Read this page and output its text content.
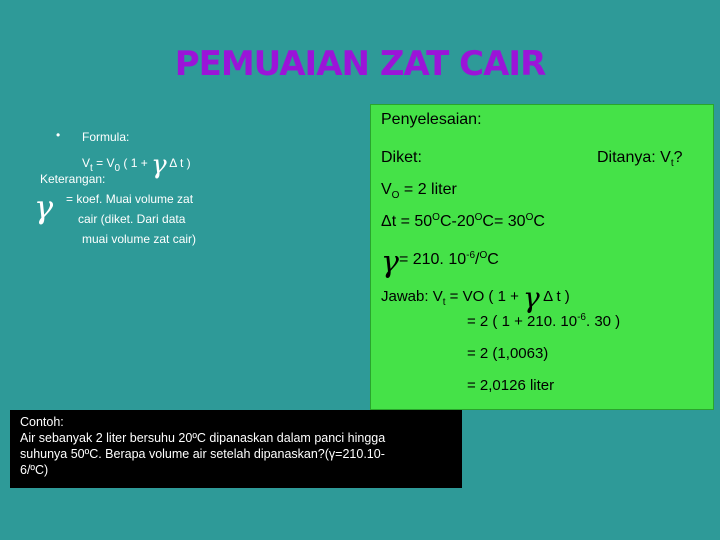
PEMUAIAN ZAT CAIR
• Formula:
$V_t = V_0$ ( 1 + γ Δ t )
Keterangan:
γ = koef. Muai volume zat
cair (diket. Dari data
muai volume zat cair)
Penyelesaian:
Diket:	Ditanya: $V_t$?
$V_O = 2$ liter
$\Delta t = 50^OC-20^OC= 30^OC$
γ= 210. $10^{-6}/^OC$
Jawab: $V_t$ = VO ( 1 + γ Δ t )
= 2 ( 1 + 210. $10^{-6}$. 30 )
= 2 (1,0063)
= 2,0126 liter
Contoh:
Air sebanyak 2 liter bersuhu 20ºC dipanaskan dalam panci hingga
suhunya 50ºC. Berapa volume air setelah dipanaskan?(γ=210.10-
6/ºC)
